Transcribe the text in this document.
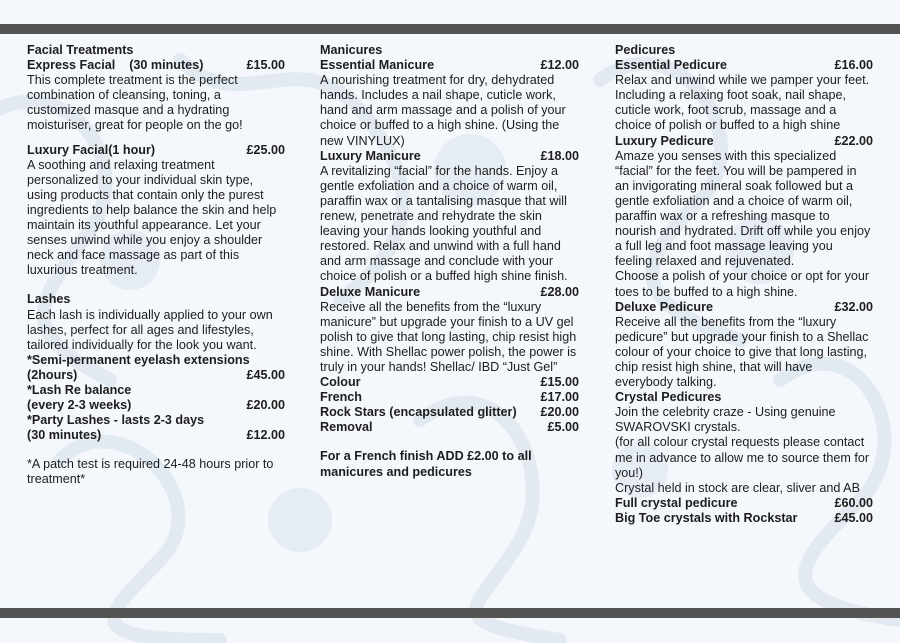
Facial Treatments
Express Facial    (30 minutes)	£15.00

This complete treatment is the perfect combination of cleansing, toning, a customized masque and a hydrating moisturiser, great for people on the go!

Luxury Facial(1 hour)	£25.00

A soothing and relaxing treatment personalized to your individual skin type, using products that contain only the purest ingredients to help balance the skin and help maintain its youthful appearance. Let your senses unwind while you enjoy a shoulder neck and face massage as part of this luxurious treatment.

Lashes

Each lash is individually applied to your own lashes, perfect for all ages and lifestyles, tailored individually for the look you want.

*Semi-permanent eyelash extensions
(2hours)	£45.00
*Lash Re balance
(every 2-3 weeks)	£20.00
*Party Lashes - lasts 2-3 days
(30 minutes)	£12.00

*A patch test is required 24-48 hours prior to treatment*

Manicures
Essential Manicure	£12.00

A nourishing treatment for dry, dehydrated hands. Includes a nail shape, cuticle work, hand and arm massage and a polish of your choice or buffed to a high shine. (Using the new VINYLUX)

Luxury Manicure	£18.00

A revitalizing “facial” for the hands. Enjoy a gentle exfoliation and a choice of warm oil, paraffin wax or a tantalising masque that will renew, penetrate and rehydrate the skin leaving your hands looking youthful and restored. Relax and unwind with a full hand and arm massage and conclude with your choice of polish or a buffed high shine finish.

Deluxe Manicure	£28.00

Receive all the benefits from the “luxury manicure” but upgrade your finish to a UV gel polish to give that long lasting, chip resist high shine. With Shellac power polish, the power is truly in your hands! Shellac/ IBD “Just Gel”

Colour	£15.00
French	£17.00
Rock Stars (encapsulated glitter) £20.00
Removal	£5.00

For a French finish ADD £2.00 to all manicures and pedicures

Pedicures
Essential Pedicure	£16.00

Relax and unwind while we pamper your feet. Including a relaxing foot soak, nail shape, cuticle work, foot scrub, massage and a choice of polish or buffed to a high shine

Luxury Pedicure	£22.00

Amaze you senses with this specialized “facial” for the feet. You will be pampered in an invigorating mineral soak followed but a gentle exfoliation and a choice of warm oil, paraffin wax or a refreshing masque to nourish and hydrated. Drift off while you enjoy a full leg and foot massage leaving you feeling relaxed and rejuvenated.

Choose a polish of your choice or opt for your toes to be buffed to a high shine.

Deluxe Pedicure	£32.00

Receive all the benefits from the “luxury pedicure” but upgrade your finish to a Shellac colour of your choice to give that long lasting, chip resist high shine, that will have everybody talking.

Crystal Pedicures

Join the celebrity craze - Using genuine SWAROVSKI crystals.

(for all colour crystal requests please contact me in advance to allow me to source them for you!)

Crystal held in stock are clear, sliver and AB

Full crystal pedicure	£60.00
Big Toe crystals with Rockstar	£45.00
